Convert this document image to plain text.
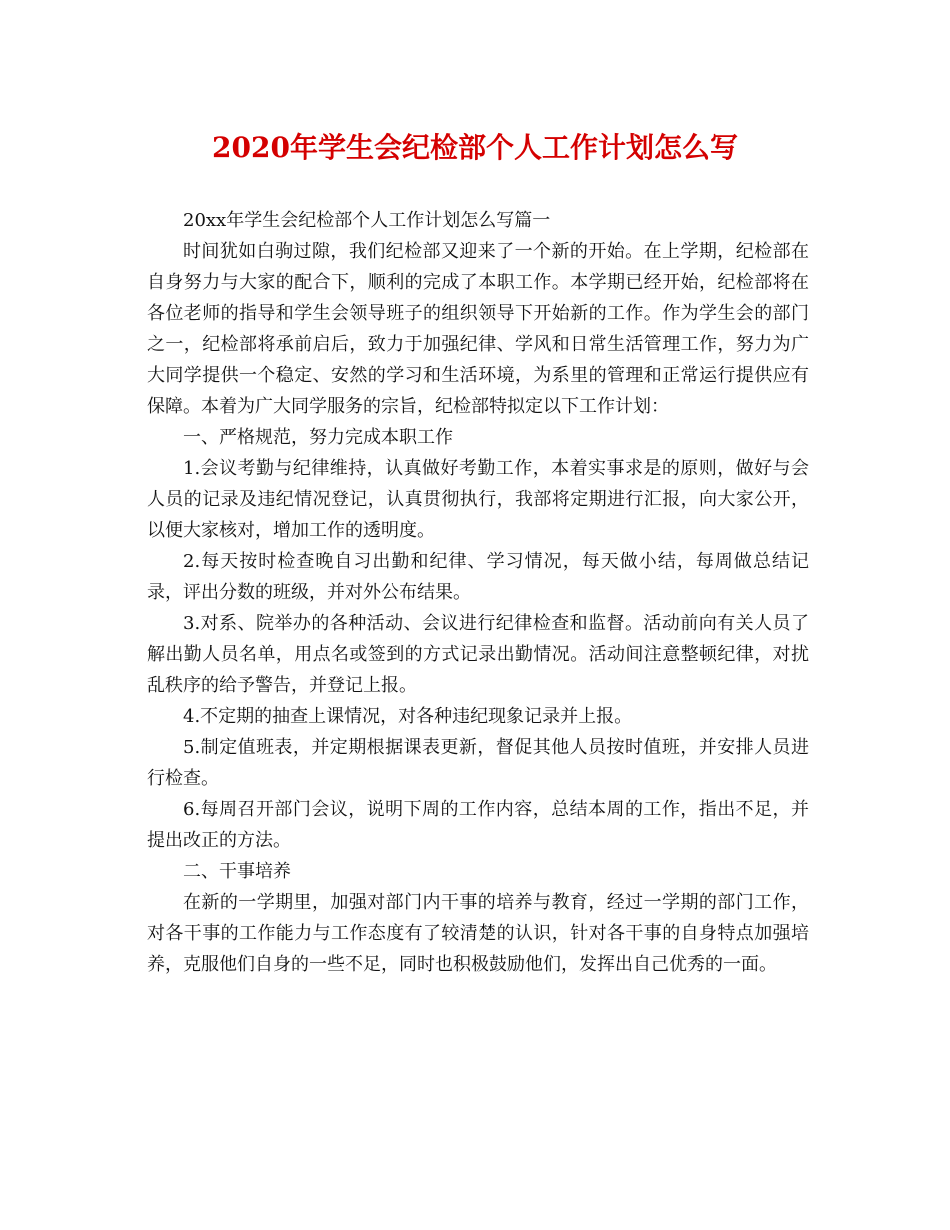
2020年学生会纪检部个人工作计划怎么写

20xx年学生会纪检部个人工作计划怎么写篇一

时间犹如白驹过隙，我们纪检部又迎来了一个新的开始。在上学期，纪检部在自身努力与大家的配合下，顺利的完成了本职工作。本学期已经开始，纪检部将在各位老师的指导和学生会领导班子的组织领导下开始新的工作。作为学生会的部门之一，纪检部将承前启后，致力于加强纪律、学风和日常生活管理工作，努力为广大同学提供一个稳定、安然的学习和生活环境，为系里的管理和正常运行提供应有保障。本着为广大同学服务的宗旨，纪检部特拟定以下工作计划：

一、严格规范，努力完成本职工作

1.会议考勤与纪律维持，认真做好考勤工作，本着实事求是的原则，做好与会人员的记录及违纪情况登记，认真贯彻执行，我部将定期进行汇报，向大家公开，以便大家核对，增加工作的透明度。

2.每天按时检查晚自习出勤和纪律、学习情况，每天做小结，每周做总结记录，评出分数的班级，并对外公布结果。

3.对系、院举办的各种活动、会议进行纪律检查和监督。活动前向有关人员了解出勤人员名单，用点名或签到的方式记录出勤情况。活动间注意整顿纪律，对扰乱秩序的给予警告，并登记上报。

4.不定期的抽查上课情况，对各种违纪现象记录并上报。

5.制定值班表，并定期根据课表更新，督促其他人员按时值班，并安排人员进行检查。

6.每周召开部门会议，说明下周的工作内容，总结本周的工作，指出不足，并提出改正的方法。

二、干事培养

在新的一学期里，加强对部门内干事的培养与教育，经过一学期的部门工作，对各干事的工作能力与工作态度有了较清楚的认识，针对各干事的自身特点加强培养，克服他们自身的一些不足，同时也积极鼓励他们，发挥出自己优秀的一面。
